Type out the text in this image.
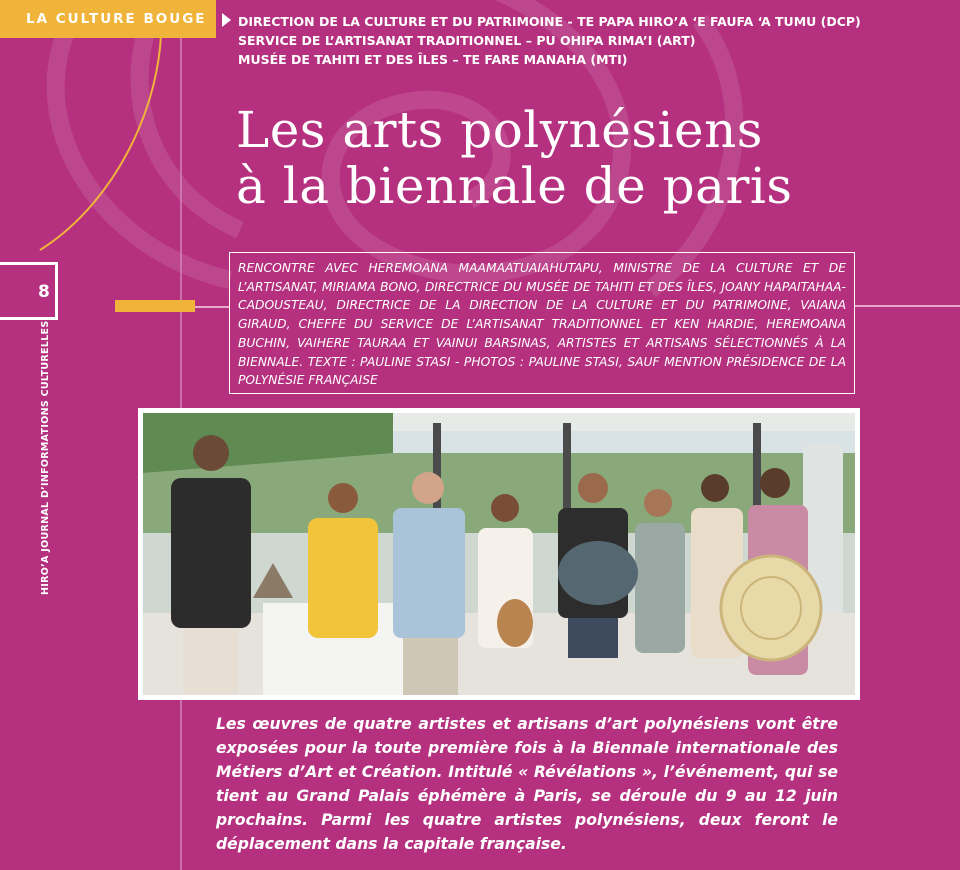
LA CULTURE BOUGE	DIRECTION DE LA CULTURE ET DU PATRIMOINE - TE PAPA HIRO’A ‘E FAUFA ‘A TUMU (DCP)
SERVICE DE L’ARTISANAT TRADITIONNEL – PU OHIPA RIMA’I (ART)
MUSÉE DE TAHITI ET DES ÎLES – TE FARE MANAHA (MTI)
Les arts polynésiens
à la biennale de paris
8
HIRO’A JOURNAL D’INFORMATIONS CULTURELLES

RENCONTRE AVEC HEREMOANA MAAMAATUAIAHUTAPU, MINISTRE DE LA CULTURE ET DE L’ARTISANAT, MIRIAMA BONO, DIRECTRICE DU MUSÉE DE TAHITI ET DES ÎLES, JOANY HAPAITAHAA-CADOUSTEAU, DIRECTRICE DE LA DIRECTION DE LA CULTURE ET DU PATRIMOINE, VAIANA GIRAUD, CHEFFE DU SERVICE DE L’ARTISANAT TRADITIONNEL ET KEN HARDIE, HEREMOANA BUCHIN, VAIHERE TAURAA ET VAINUI BARSINAS, ARTISTES ET ARTISANS SÉLECTIONNÉS À LA BIENNALE. TEXTE : PAULINE STASI - PHOTOS : PAULINE STASI, SAUF MENTION PRÉSIDENCE DE LA POLYNÉSIE FRANÇAISE

Les œuvres de quatre artistes et artisans d’art polynésiens vont être exposées pour la toute première fois à la Biennale internationale des Métiers d’Art et Création. Intitulé « Révélations », l’événement, qui se tient au Grand Palais éphémère à Paris, se déroule du 9 au 12 juin prochains. Parmi les quatre artistes polynésiens, deux feront le déplacement dans la capitale française.
